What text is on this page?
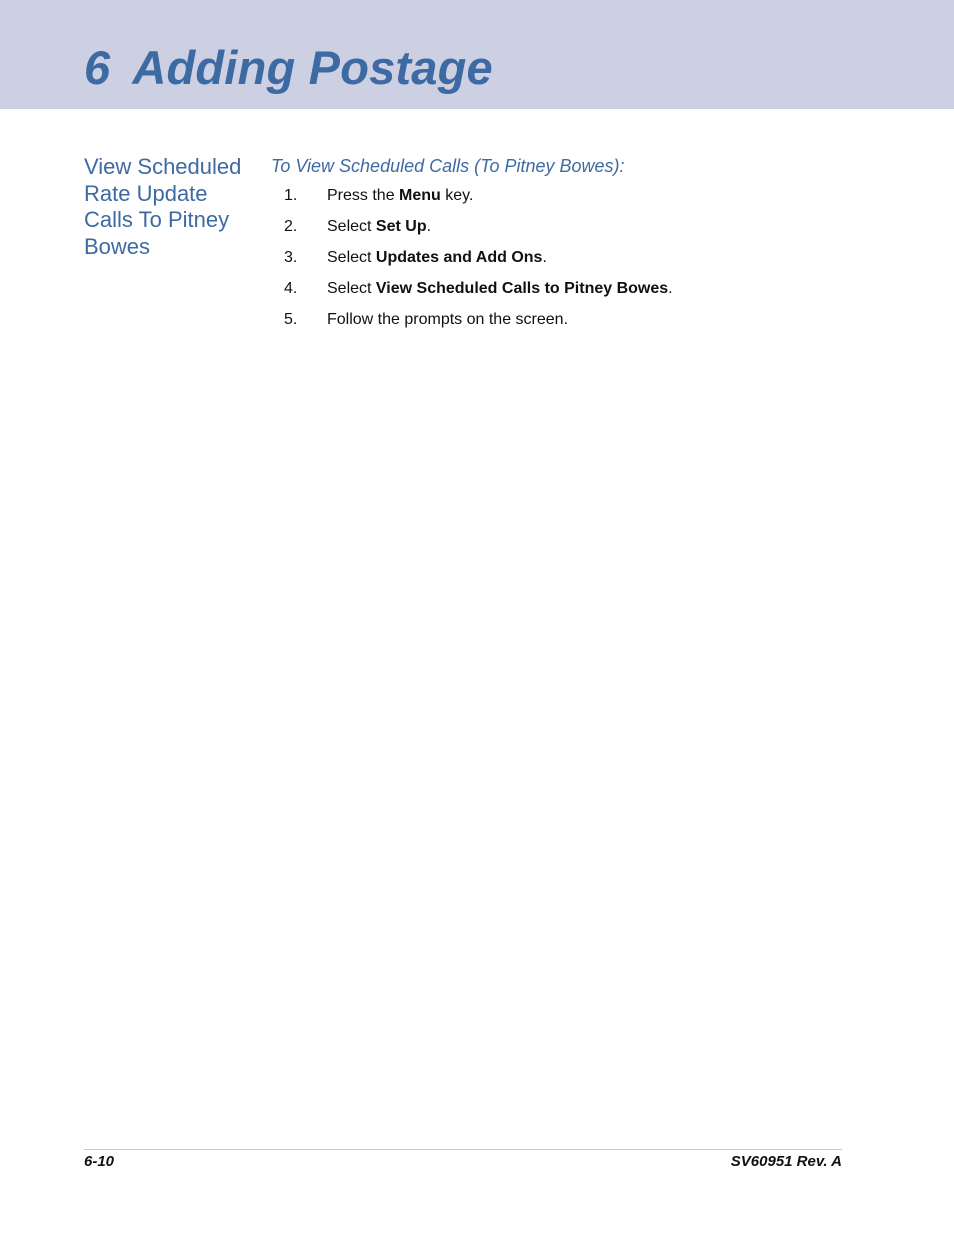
6 Adding Postage
View Scheduled Rate Update Calls To Pitney Bowes
To View Scheduled Calls (To Pitney Bowes):
1.	Press the Menu key.
2.	Select Set Up.
3.	Select Updates and Add Ons.
4.	Select View Scheduled Calls to Pitney Bowes.
5.	Follow the prompts on the screen.
6-10	SV60951 Rev. A
